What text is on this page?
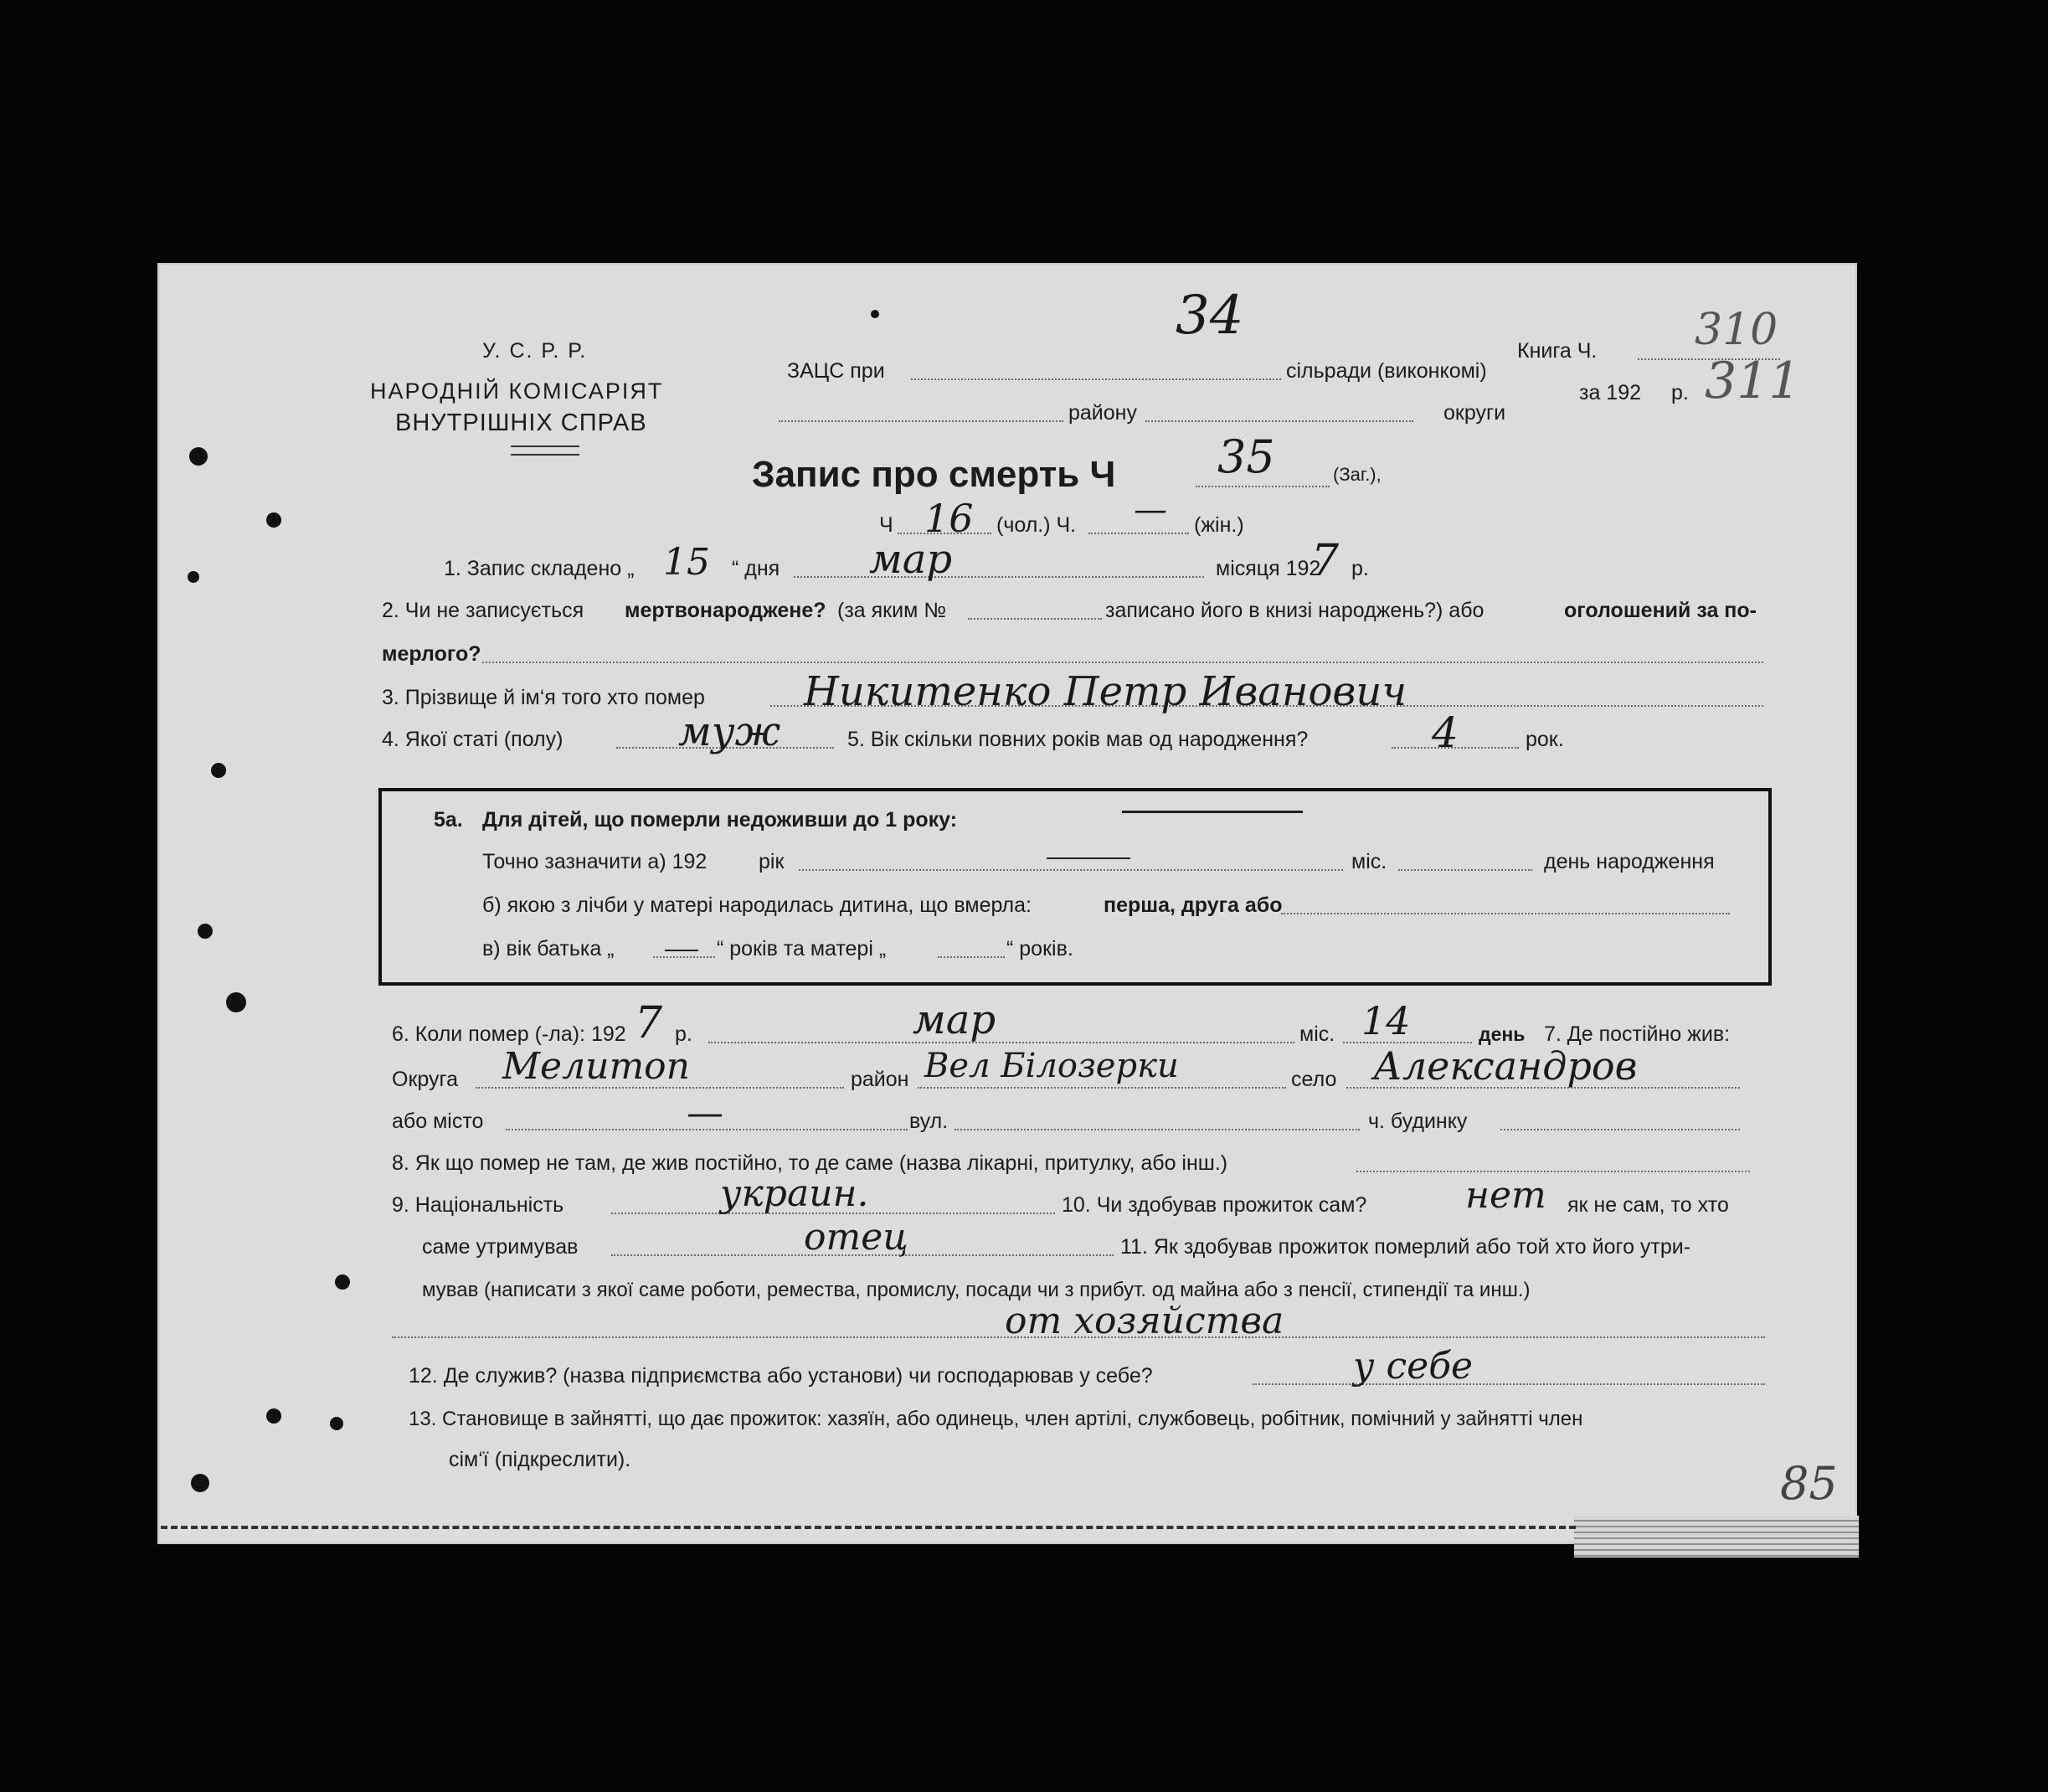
У. С. Р. Р.
НАРОДНІЙ КОМІСАРІЯТ
ВНУТРІШНІХ СПРАВ
ЗАЦС при	сільради (виконкомі)
району	округи
Книга Ч.
за 192 р.
34	310
311
Запис про смерть Ч 35	(Заг.),
Ч 16 (чол.) Ч. — (жін.)
1. Запис складено „ 15 “ дня мар	місяця 192
7 р.
2. Чи не записується мертвонароджене? (за яким №	записано його в книзі народжень?) або	оголошений за по-
мерлого?
3. Прізвище й ім‘я того хто помер Никитенко Петр Иванович
4. Якої статі (полу)	муж	5. Вік скільки повних років мав од народження?	4	рок.
5a. Для дітей, що померли недоживши до 1 року:
Точно зазначити а) 192 рік	міс.	день народження
б) якою з лічби у матері народилась дитина, що вмерла:	перша, друга або
в) вік батька „	“ років та матері „	“ років.
6. Коли помер (-ла): 192 7 р.	мар	міс. 14	день 7. Де постійно жив:
Округа Мелитоп	район Вел Білозерки	село Александров
або місто	—	вул.	ч. будинку
8. Як що помер не там, де жив постійно, то де саме (назва лікарні, притулку, або інш.)
9. Національність	украин.	10. Чи здобував прожиток сам?	нет як не сам, то хто
саме утримував	отец	11. Як здобував прожиток померлий або той хто його утри-
мував (написати з якої саме роботи, ремества, промислу, посади чи з прибут. од майна або з пенсії, стипендії та инш.)
от хозяйства
12. Де служив? (назва підприємства або установи) чи господарював у себе?	у себе
13. Становище в зайнятті, що дає прожиток: хазяїн, або одинець, член артілі, службовець, робітник, помічний у зайнятті член
сім‘ї (підкреслити).	85
